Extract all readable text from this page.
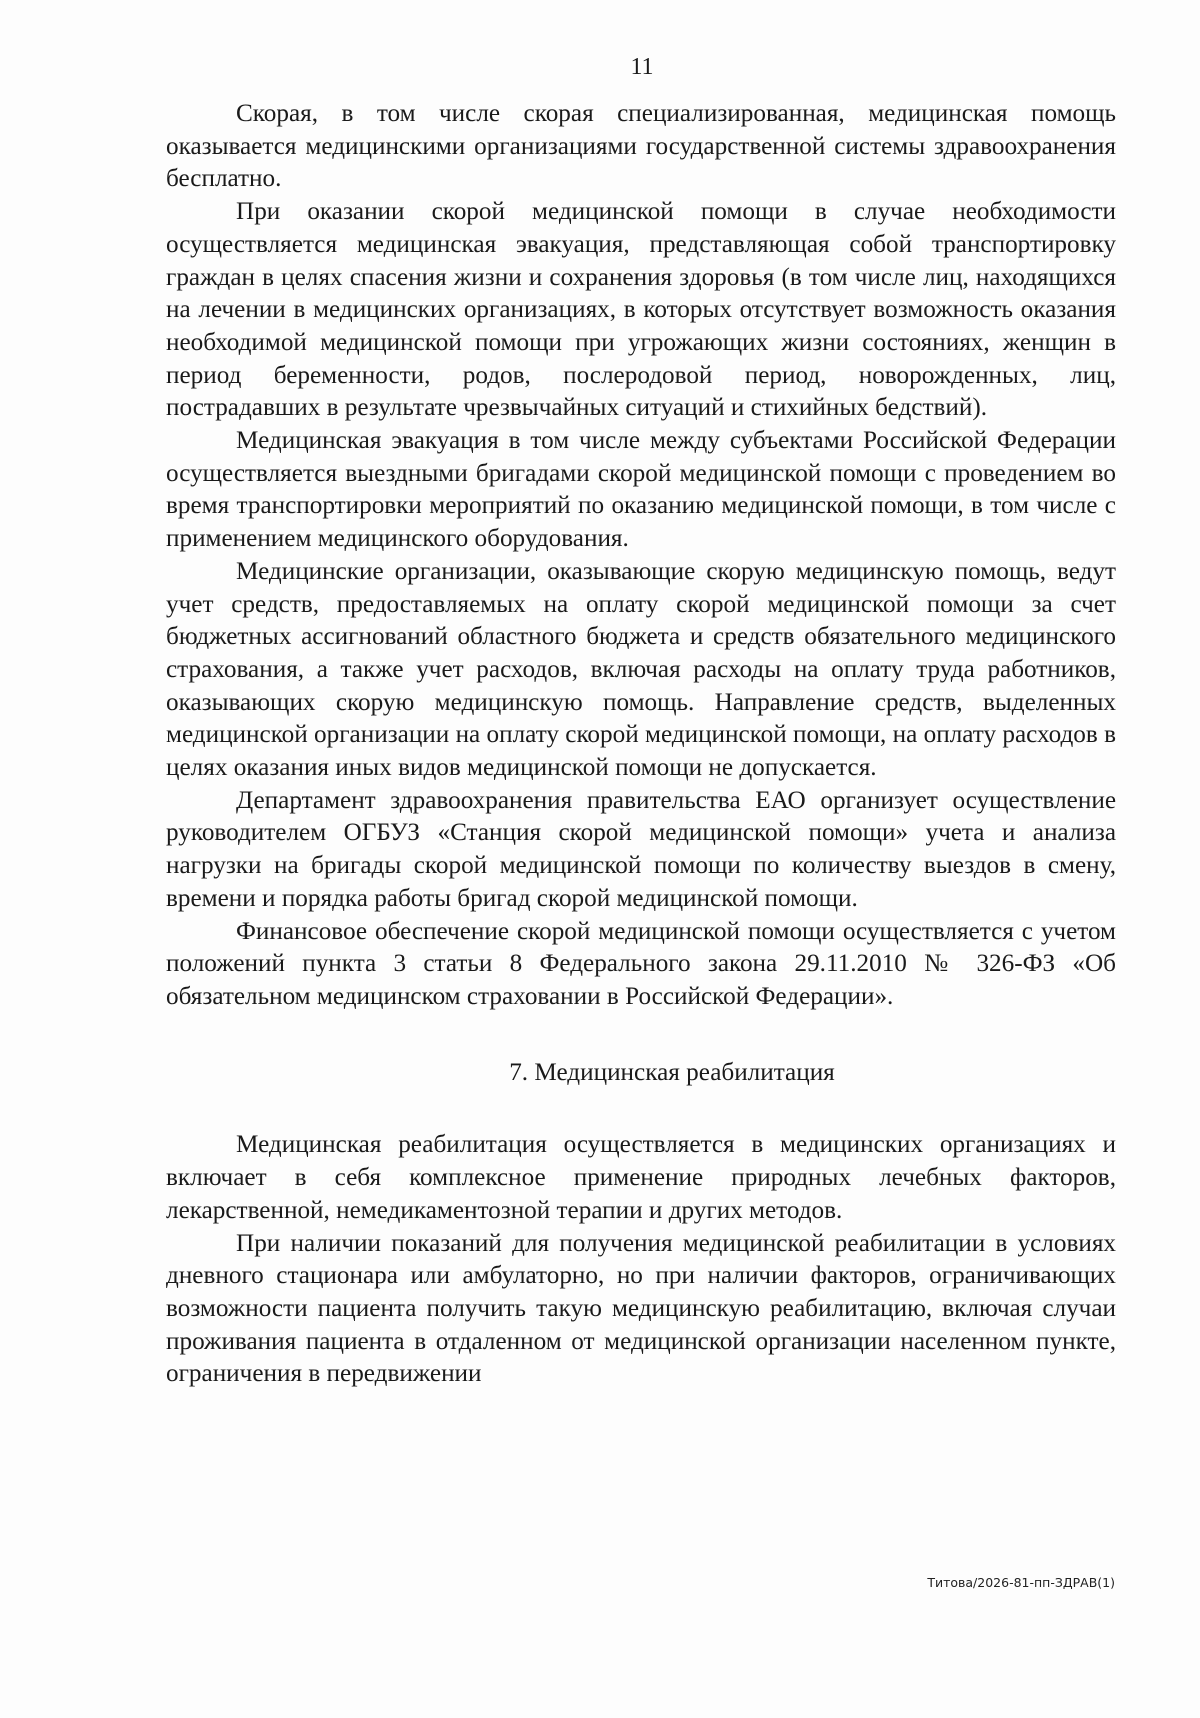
11

Скорая, в том числе скорая специализированная, медицинская помощь оказывается медицинскими организациями государственной системы здравоохранения бесплатно.

При оказании скорой медицинской помощи в случае необходимости осуществляется медицинская эвакуация, представляющая собой транспортировку граждан в целях спасения жизни и сохранения здоровья (в том числе лиц, находящихся на лечении в медицинских организациях, в которых отсутствует возможность оказания необходимой медицинской помощи при угрожающих жизни состояниях, женщин в период беременности, родов, послеродовой период, новорожденных, лиц, пострадавших в результате чрезвычайных ситуаций и стихийных бедствий).

Медицинская эвакуация в том числе между субъектами Российской Федерации осуществляется выездными бригадами скорой медицинской помощи с проведением во время транспортировки мероприятий по оказанию медицинской помощи, в том числе с применением медицинского оборудования.

Медицинские организации, оказывающие скорую медицинскую помощь, ведут учет средств, предоставляемых на оплату скорой медицинской помощи за счет бюджетных ассигнований областного бюджета и средств обязательного медицинского страхования, а также учет расходов, включая расходы на оплату труда работников, оказывающих скорую медицинскую помощь. Направление средств, выделенных медицинской организации на оплату скорой медицинской помощи, на оплату расходов в целях оказания иных видов медицинской помощи не допускается.

Департамент здравоохранения правительства ЕАО организует осуществление руководителем ОГБУЗ «Станция скорой медицинской помощи» учета и анализа нагрузки на бригады скорой медицинской помощи по количеству выездов в смену, времени и порядка работы бригад скорой медицинской помощи.

Финансовое обеспечение скорой медицинской помощи осуществляется с учетом положений пункта 3 статьи 8 Федерального закона 29.11.2010 № 326-ФЗ «Об обязательном медицинском страховании в Российской Федерации».

7. Медицинская реабилитация

Медицинская реабилитация осуществляется в медицинских организациях и включает в себя комплексное применение природных лечебных факторов, лекарственной, немедикаментозной терапии и других методов.

При наличии показаний для получения медицинской реабилитации в условиях дневного стационара или амбулаторно, но при наличии факторов, ограничивающих возможности пациента получить такую медицинскую реабилитацию, включая случаи проживания пациента в отдаленном от медицинской организации населенном пункте, ограничения в передвижении

Титова/2026-81-пп-ЗДРАВ(1)
